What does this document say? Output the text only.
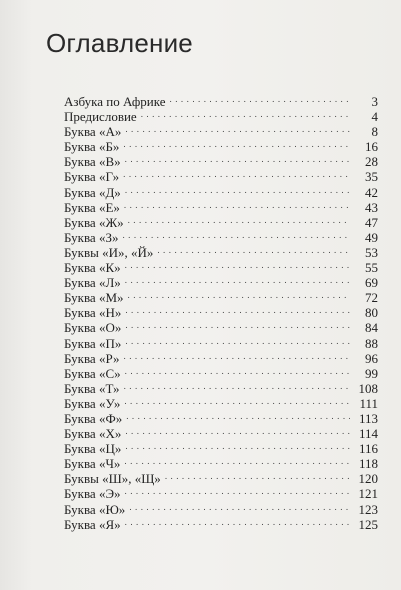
Оглавление
Азбука по Африке . . .	3
Предисловие . . .	4
Буква «А» . . .	8
Буква «Б» . . .	16
Буква «В» . . .	28
Буква «Г» . . .	35
Буква «Д» . . .	42
Буква «Е» . . .	43
Буква «Ж» . . .	47
Буква «З» . . .	49
Буквы «И», «Й» . . .	53
Буква «К» . . .	55
Буква «Л» . . .	69
Буква «М» . . .	72
Буква «Н» . . .	80
Буква «О» . . .	84
Буква «П» . . .	88
Буква «Р» . . .	96
Буква «С» . . .	99
Буква «Т» . . .	108
Буква «У» . . .	111
Буква «Ф» . . .	113
Буква «Х» . . .	114
Буква «Ц» . . .	116
Буква «Ч» . . .	118
Буквы «Ш», «Щ» . . .	120
Буква «Э» . . .	121
Буква «Ю» . . .	123
Буква «Я» . . .	125
